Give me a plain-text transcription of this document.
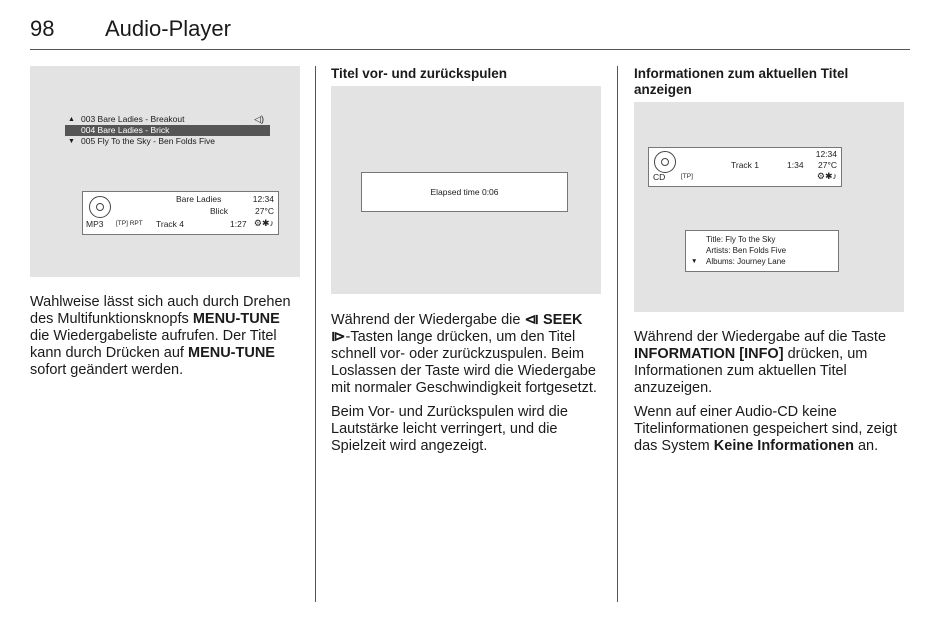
98 Audio-Player
▲ 003 Bare Ladies - Breakout	◁)
004 Bare Ladies - Brick
▼ 005 Fly To the Sky - Ben Folds Five
Bare Ladies	12:34
Blick	27°C
MP3 [TP] RPT Track 4	1:27 ⚙✱♪

Wahlweise lässt sich auch durch Drehen des Multifunktionsknopfs MENU-TUNE die Wiedergabeliste aufrufen. Der Titel kann durch Drücken auf MENU-TUNE sofort geändert werden.

Titel vor- und zurückspulen

Elapsed time 0:06

Während der Wiedergabe die ⧏ SEEK ⧐-Tasten lange drücken, um den Titel schnell vor- oder zurückzuspulen. Beim Loslassen der Taste wird die Wiedergabe mit normaler Geschwindigkeit fortgesetzt.

Beim Vor- und Zurückspulen wird die Lautstärke leicht verringert, und die Spielzeit wird angezeigt.

Informationen zum aktuellen Titel anzeigen

12:34
Track 1	1:34 27°C
CD [TP]	⚙✱♪
Title: Fly To the Sky
Artists: Ben Folds Five
▼ Albums: Journey Lane

Während der Wiedergabe auf die Taste INFORMATION [INFO] drücken, um Informationen zum aktuellen Titel anzuzeigen.

Wenn auf einer Audio-CD keine Titelinformationen gespeichert sind, zeigt das System Keine Informationen an.
